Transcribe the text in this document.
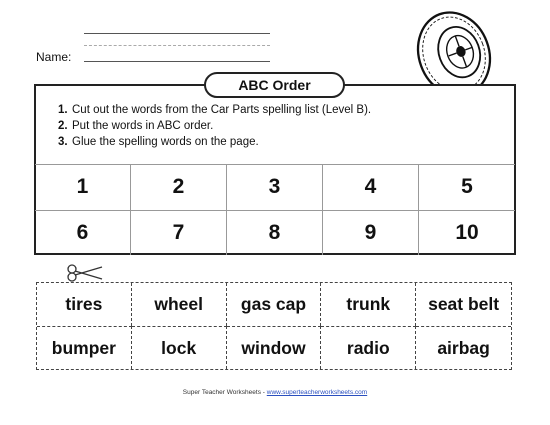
Name:
ABC Order
1. Cut out the words from the Car Parts spelling list (Level B).
2. Put the words in ABC order.
3. Glue the spelling words on the page.
1	2	3	4	5
6	7	8	9	10
tires	wheel	gas cap	trunk	seat belt
bumper	lock	window	radio	airbag
Super Teacher Worksheets - www.superteacherworksheets.com
